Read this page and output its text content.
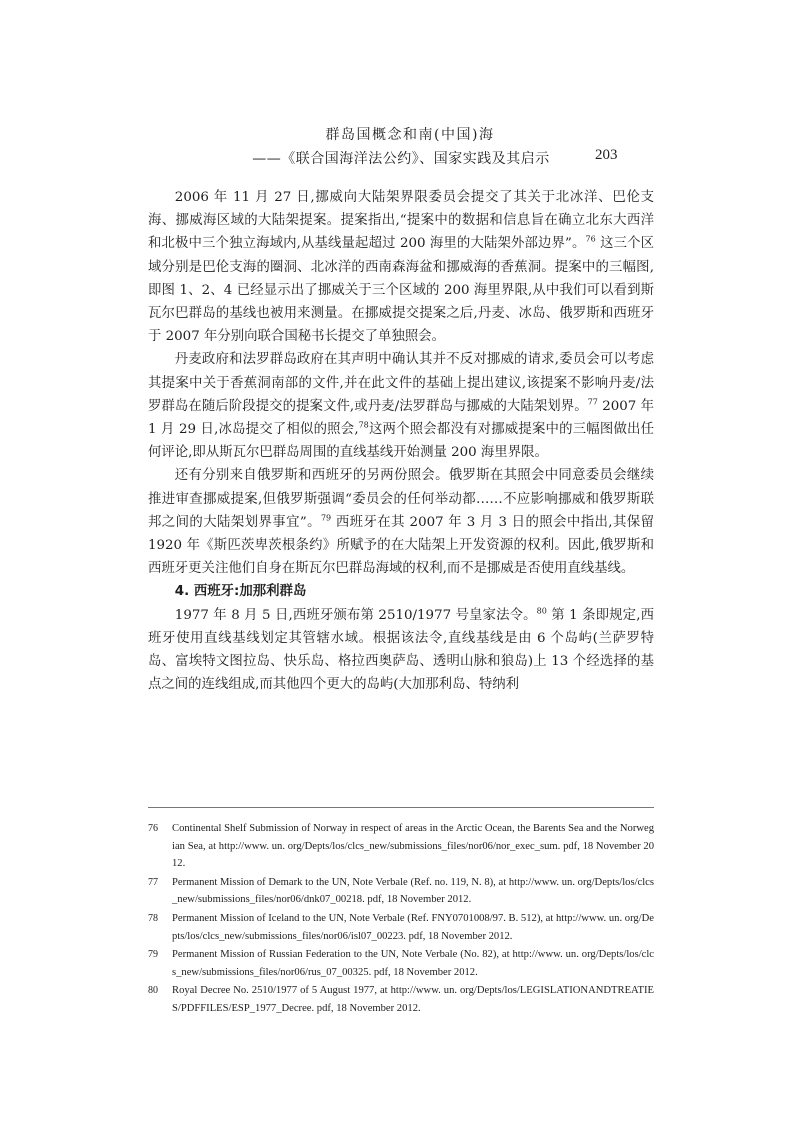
群岛国概念和南(中国)海
——《联合国海洋法公约》、国家实践及其启示	203

2006 年 11 月 27 日,挪威向大陆架界限委员会提交了其关于北冰洋、巴伦支海、挪威海区域的大陆架提案。提案指出,“提案中的数据和信息旨在确立北东大西洋和北极中三个独立海域内,从基线量起超过 200 海里的大陆架外部边界”。$^{76}$ 这三个区域分别是巴伦支海的圈洞、北冰洋的西南森海盆和挪威海的香蕉洞。提案中的三幅图,即图 1、2、4 已经显示出了挪威关于三个区域的 200 海里界限,从中我们可以看到斯瓦尔巴群岛的基线也被用来测量。在挪威提交提案之后,丹麦、冰岛、俄罗斯和西班牙于 2007 年分别向联合国秘书长提交了单独照会。

丹麦政府和法罗群岛政府在其声明中确认其并不反对挪威的请求,委员会可以考虑其提案中关于香蕉洞南部的文件,并在此文件的基础上提出建议,该提案不影响丹麦/法罗群岛在随后阶段提交的提案文件,或丹麦/法罗群岛与挪威的大陆架划界。$^{77}$ 2007 年 1 月 29 日,冰岛提交了相似的照会,$^{78}$这两个照会都没有对挪威提案中的三幅图做出任何评论,即从斯瓦尔巴群岛周围的直线基线开始测量 200 海里界限。

还有分别来自俄罗斯和西班牙的另两份照会。俄罗斯在其照会中同意委员会继续推进审查挪威提案,但俄罗斯强调“委员会的任何举动都……不应影响挪威和俄罗斯联邦之间的大陆架划界事宜”。$^{79}$ 西班牙在其 2007 年 3 月 3 日的照会中指出,其保留 1920 年《斯匹茨卑茨根条约》所赋予的在大陆架上开发资源的权利。因此,俄罗斯和西班牙更关注他们自身在斯瓦尔巴群岛海域的权利,而不是挪威是否使用直线基线。

4. 西班牙:加那利群岛

1977 年 8 月 5 日,西班牙颁布第 2510/1977 号皇家法令。$^{80}$ 第 1 条即规定,西班牙使用直线基线划定其管辖水域。根据该法令,直线基线是由 6 个岛屿(兰萨罗特岛、富埃特文图拉岛、快乐岛、格拉西奥萨岛、透明山脉和狼岛)上 13 个经选择的基点之间的连线组成,而其他四个更大的岛屿(大加那利岛、特纳利

76	Continental Shelf Submission of Norway in respect of areas in the Arctic Ocean, the Barents Sea and the Norwegian Sea, at http://www. un. org/Depts/los/clcs_new/submissions_files/nor06/nor_exec_sum. pdf, 18 November 2012.
77	Permanent Mission of Demark to the UN, Note Verbale (Ref. no. 119, N. 8), at http://www. un. org/Depts/los/clcs_new/submissions_files/nor06/dnk07_00218. pdf, 18 November 2012.
78	Permanent Mission of Iceland to the UN, Note Verbale (Ref. FNY0701008/97. B. 512), at http://www. un. org/Depts/los/clcs_new/submissions_files/nor06/isl07_00223. pdf, 18 November 2012.
79	Permanent Mission of Russian Federation to the UN, Note Verbale (No. 82), at http://www. un. org/Depts/los/clcs_new/submissions_files/nor06/rus_07_00325. pdf, 18 November 2012.
80	Royal Decree No. 2510/1977 of 5 August 1977, at http://www. un. org/Depts/los/LEGISLATIONANDTREATIES/PDFFILES/ESP_1977_Decree. pdf, 18 November 2012.
